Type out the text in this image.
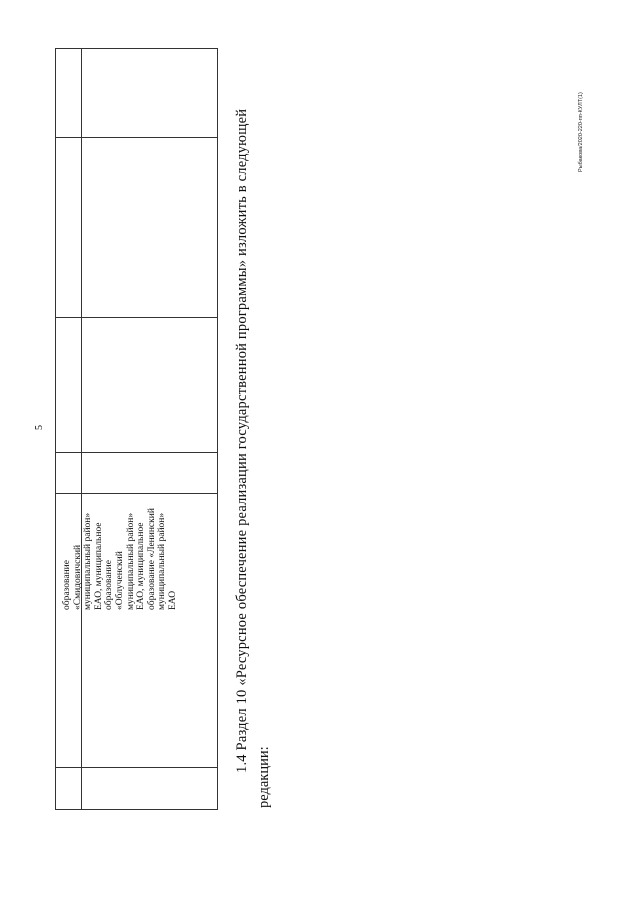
5
образование «Смидовичский муниципальный район» ЕАО, муниципальное образование «Облученский муниципальный район» ЕАО, муниципальное образование «Ленинский муниципальный район» ЕАО	1.4 Раздел 10 «Ресурсное обеспечение реализации государственной программы» изложить в следующей
редакции:
Рыбакова/2020-220-пп-КУЛТ(1)
